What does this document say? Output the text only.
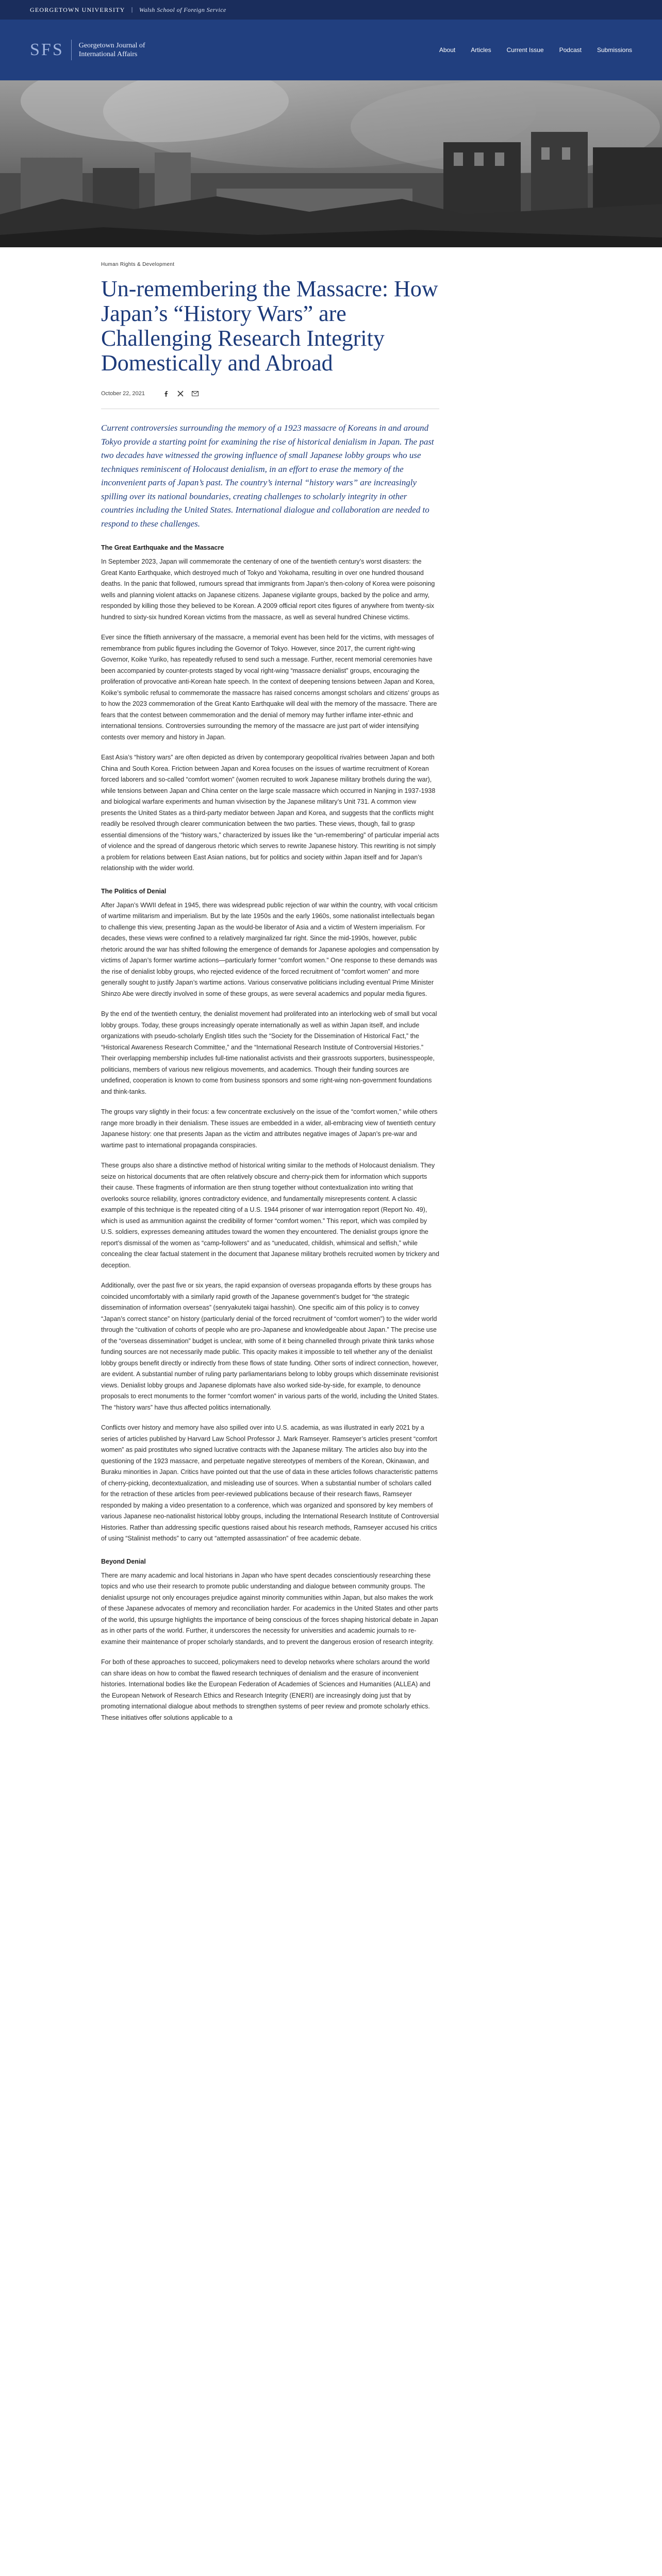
GEORGETOWN UNIVERSITY | Walsh School of Foreign Service
SFS Georgetown Journal of
International Affairs
About	Articles	Current Issue	Podcast	Submissions
Human Rights & Development
Un-remembering the Massacre: How Japan’s “History Wars” are Challenging Research Integrity Domestically and Abroad
October 22, 2021
Current controversies surrounding the memory of a 1923 massacre of Koreans in and around Tokyo provide a starting point for examining the rise of historical denialism in Japan. The past two decades have witnessed the growing influence of small Japanese lobby groups who use techniques reminiscent of Holocaust denialism, in an effort to erase the memory of the inconvenient parts of Japan’s past. The country’s internal “history wars” are increasingly spilling over its national boundaries, creating challenges to scholarly integrity in other countries including the United States. International dialogue and collaboration are needed to respond to these challenges.
The Great Earthquake and the Massacre

In September 2023, Japan will commemorate the centenary of one of the twentieth century’s worst disasters: the Great Kanto Earthquake, which destroyed much of Tokyo and Yokohama, resulting in over one hundred thousand deaths. In the panic that followed, rumours spread that immigrants from Japan’s then-colony of Korea were poisoning wells and planning violent attacks on Japanese citizens. Japanese vigilante groups, backed by the police and army, responded by killing those they believed to be Korean. A 2009 official report cites figures of anywhere from twenty-six hundred to sixty-six hundred Korean victims from the massacre, as well as several hundred Chinese victims.

Ever since the fiftieth anniversary of the massacre, a memorial event has been held for the victims, with messages of remembrance from public figures including the Governor of Tokyo. However, since 2017, the current right-wing Governor, Koike Yuriko, has repeatedly refused to send such a message. Further, recent memorial ceremonies have been accompanied by counter-protests staged by vocal right-wing “massacre denialist” groups, encouraging the proliferation of provocative anti-Korean hate speech. In the context of deepening tensions between Japan and Korea, Koike’s symbolic refusal to commemorate the massacre has raised concerns amongst scholars and citizens’ groups as to how the 2023 commemoration of the Great Kanto Earthquake will deal with the memory of the massacre. There are fears that the contest between commemoration and the denial of memory may further inflame inter-ethnic and international tensions. Controversies surrounding the memory of the massacre are just part of wider intensifying contests over memory and history in Japan.

East Asia’s “history wars” are often depicted as driven by contemporary geopolitical rivalries between Japan and both China and South Korea. Friction between Japan and Korea focuses on the issues of wartime recruitment of Korean forced laborers and so-called “comfort women” (women recruited to work Japanese military brothels during the war), while tensions between Japan and China center on the large scale massacre which occurred in Nanjing in 1937-1938 and biological warfare experiments and human vivisection by the Japanese military’s Unit 731. A common view presents the United States as a third-party mediator between Japan and Korea, and suggests that the conflicts might readily be resolved through clearer communication between the two parties. These views, though, fail to grasp essential dimensions of the “history wars,” characterized by issues like the “un-remembering” of particular imperial acts of violence and the spread of dangerous rhetoric which serves to rewrite Japanese history. This rewriting is not simply a problem for relations between East Asian nations, but for politics and society within Japan itself and for Japan’s relationship with the wider world.

The Politics of Denial

After Japan’s WWII defeat in 1945, there was widespread public rejection of war within the country, with vocal criticism of wartime militarism and imperialism. But by the late 1950s and the early 1960s, some nationalist intellectuals began to challenge this view, presenting Japan as the would-be liberator of Asia and a victim of Western imperialism. For decades, these views were confined to a relatively marginalized far right. Since the mid-1990s, however, public rhetoric around the war has shifted following the emergence of demands for Japanese apologies and compensation by victims of Japan’s former wartime actions—particularly former “comfort women.” One response to these demands was the rise of denialist lobby groups, who rejected evidence of the forced recruitment of “comfort women” and more generally sought to justify Japan’s wartime actions. Various conservative politicians including eventual Prime Minister Shinzo Abe were directly involved in some of these groups, as were several academics and popular media figures.

By the end of the twentieth century, the denialist movement had proliferated into an interlocking web of small but vocal lobby groups. Today, these groups increasingly operate internationally as well as within Japan itself, and include organizations with pseudo-scholarly English titles such the “Society for the Dissemination of Historical Fact,” the “Historical Awareness Research Committee,” and the “International Research Institute of Controversial Histories.” Their overlapping membership includes full-time nationalist activists and their grassroots supporters, businesspeople, politicians, members of various new religious movements, and academics. Though their funding sources are undefined, cooperation is known to come from business sponsors and some right-wing non-government foundations and think-tanks.

The groups vary slightly in their focus: a few concentrate exclusively on the issue of the “comfort women,” while others range more broadly in their denialism. These issues are embedded in a wider, all-embracing view of twentieth century Japanese history: one that presents Japan as the victim and attributes negative images of Japan’s pre-war and wartime past to international propaganda conspiracies.

These groups also share a distinctive method of historical writing similar to the methods of Holocaust denialism. They seize on historical documents that are often relatively obscure and cherry-pick them for information which supports their cause. These fragments of information are then strung together without contextualization into writing that overlooks source reliability, ignores contradictory evidence, and fundamentally misrepresents content. A classic example of this technique is the repeated citing of a U.S. 1944 prisoner of war interrogation report (Report No. 49), which is used as ammunition against the credibility of former “comfort women.” This report, which was compiled by U.S. soldiers, expresses demeaning attitudes toward the women they encountered. The denialist groups ignore the report’s dismissal of the women as “camp-followers” and as “uneducated, childish, whimsical and selfish,” while concealing the clear factual statement in the document that Japanese military brothels recruited women by trickery and deception.

Additionally, over the past five or six years, the rapid expansion of overseas propaganda efforts by these groups has coincided uncomfortably with a similarly rapid growth of the Japanese government’s budget for “the strategic dissemination of information overseas” (senryakuteki taigai hasshin). One specific aim of this policy is to convey “Japan’s correct stance” on history (particularly denial of the forced recruitment of “comfort women”) to the wider world through the “cultivation of cohorts of people who are pro-Japanese and knowledgeable about Japan.” The precise use of the “overseas dissemination” budget is unclear, with some of it being channelled through private think tanks whose funding sources are not necessarily made public. This opacity makes it impossible to tell whether any of the denialist lobby groups benefit directly or indirectly from these flows of state funding. Other sorts of indirect connection, however, are evident. A substantial number of ruling party parliamentarians belong to lobby groups which disseminate revisionist views. Denialist lobby groups and Japanese diplomats have also worked side-by-side, for example, to denounce proposals to erect monuments to the former “comfort women” in various parts of the world, including the United States. The “history wars” have thus affected politics internationally.

Conflicts over history and memory have also spilled over into U.S. academia, as was illustrated in early 2021 by a series of articles published by Harvard Law School Professor J. Mark Ramseyer. Ramseyer’s articles present “comfort women” as paid prostitutes who signed lucrative contracts with the Japanese military. The articles also buy into the questioning of the 1923 massacre, and perpetuate negative stereotypes of members of the Korean, Okinawan, and Buraku minorities in Japan. Critics have pointed out that the use of data in these articles follows characteristic patterns of cherry-picking, decontextualization, and misleading use of sources. When a substantial number of scholars called for the retraction of these articles from peer-reviewed publications because of their research flaws, Ramseyer responded by making a video presentation to a conference, which was organized and sponsored by key members of various Japanese neo-nationalist historical lobby groups, including the International Research Institute of Controversial Histories. Rather than addressing specific questions raised about his research methods, Ramseyer accused his critics of using “Stalinist methods” to carry out “attempted assassination” of free academic debate.

Beyond Denial

There are many academic and local historians in Japan who have spent decades conscientiously researching these topics and who use their research to promote public understanding and dialogue between community groups. The denialist upsurge not only encourages prejudice against minority communities within Japan, but also makes the work of these Japanese advocates of memory and reconciliation harder. For academics in the United States and other parts of the world, this upsurge highlights the importance of being conscious of the forces shaping historical debate in Japan as in other parts of the world. Further, it underscores the necessity for universities and academic journals to re-examine their maintenance of proper scholarly standards, and to prevent the dangerous erosion of research integrity.

For both of these approaches to succeed, policymakers need to develop networks where scholars around the world can share ideas on how to combat the flawed research techniques of denialism and the erasure of inconvenient histories. International bodies like the European Federation of Academies of Sciences and Humanities (ALLEA) and the European Network of Research Ethics and Research Integrity (ENERI) are increasingly doing just that by promoting international dialogue about methods to strengthen systems of peer review and promote scholarly ethics. These initiatives offer solutions applicable to a
